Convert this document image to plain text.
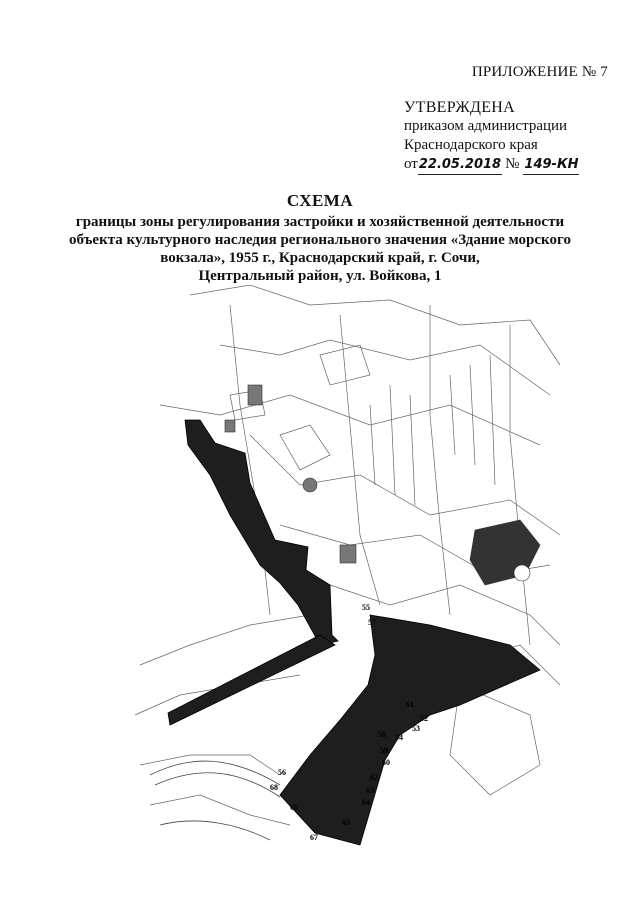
ПРИЛОЖЕНИЕ № 7
УТВЕРЖДЕНА
приказом администрации
Краснодарского края
от 22.05.2018 № 149-КН
СХЕМА
границы зоны регулирования застройки и хозяйственной деятельности
объекта культурного наследия регионального значения «Здание морского
вокзала», 1955 г., Краснодарский край, г. Сочи,
Центральный район, ул. Войкова, 1
52
53
54
55
56
57
58
59
60
61
62
63
64
65
66
67
68
